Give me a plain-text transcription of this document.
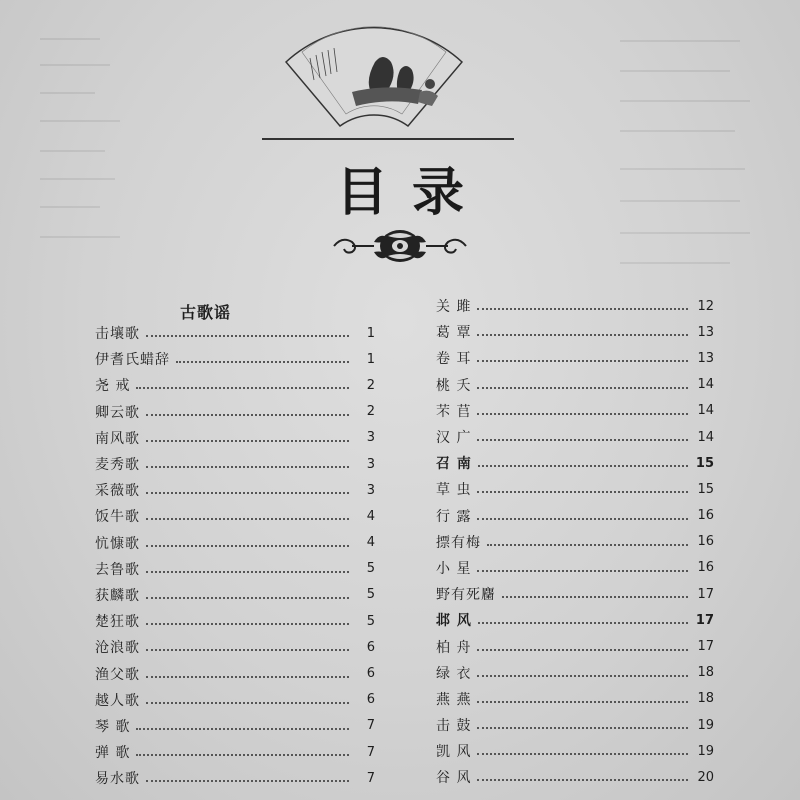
目录
古歌谣
击壤歌	1
伊耆氏蜡辞	1
尧 戒	2
卿云歌	2
南风歌	3
麦秀歌	3
采薇歌	3
饭牛歌	4
忼慷歌	4
去鲁歌	5
获麟歌	5
楚狂歌	5
沧浪歌	6
渔父歌	6
越人歌	6
琴 歌	7
弹 歌	7
易水歌	7
关 雎	12
葛 覃	13
卷 耳	13
桃 夭	14
芣 苢	14
汉 广	14
召 南	15
草 虫	15
行 露	16
摽有梅	16
小 星	16
野有死麕	17
邶 风	17
柏 舟	17
绿 衣	18
燕 燕	18
击 鼓	19
凯 风	19
谷 风	20
